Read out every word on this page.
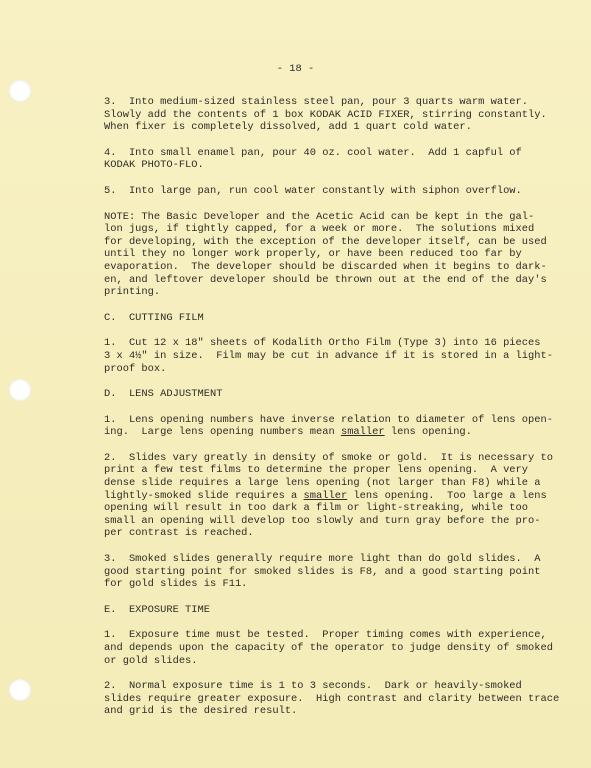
- 18 -
3.  Into medium-sized stainless steel pan, pour 3 quarts warm water.
Slowly add the contents of 1 box KODAK ACID FIXER, stirring constantly.
When fixer is completely dissolved, add 1 quart cold water.
4.  Into small enamel pan, pour 40 oz. cool water.  Add 1 capful of
KODAK PHOTO-FLO.
5.  Into large pan, run cool water constantly with siphon overflow.
NOTE: The Basic Developer and the Acetic Acid can be kept in the gal-
lon jugs, if tightly capped, for a week or more.  The solutions mixed
for developing, with the exception of the developer itself, can be used
until they no longer work properly, or have been reduced too far by
evaporation.  The developer should be discarded when it begins to dark-
en, and leftover developer should be thrown out at the end of the day's
printing.
C.  CUTTING FILM
1.  Cut 12 x 18" sheets of Kodalith Ortho Film (Type 3) into 16 pieces
3 x 4½" in size.  Film may be cut in advance if it is stored in a light-
proof box.
D.  LENS ADJUSTMENT
1.  Lens opening numbers have inverse relation to diameter of lens open-
ing.  Large lens opening numbers mean smaller lens opening.
2.  Slides vary greatly in density of smoke or gold.  It is necessary to
print a few test films to determine the proper lens opening.  A very
dense slide requires a large lens opening (not larger than F8) while a
lightly-smoked slide requires a smaller lens opening.  Too large a lens
opening will result in too dark a film or light-streaking, while too
small an opening will develop too slowly and turn gray before the pro-
per contrast is reached.
3.  Smoked slides generally require more light than do gold slides.  A
good starting point for smoked slides is F8, and a good starting point
for gold slides is F11.
E.  EXPOSURE TIME
1.  Exposure time must be tested.  Proper timing comes with experience,
and depends upon the capacity of the operator to judge density of smoked
or gold slides.
2.  Normal exposure time is 1 to 3 seconds.  Dark or heavily-smoked
slides require greater exposure.  High contrast and clarity between trace
and grid is the desired result.
